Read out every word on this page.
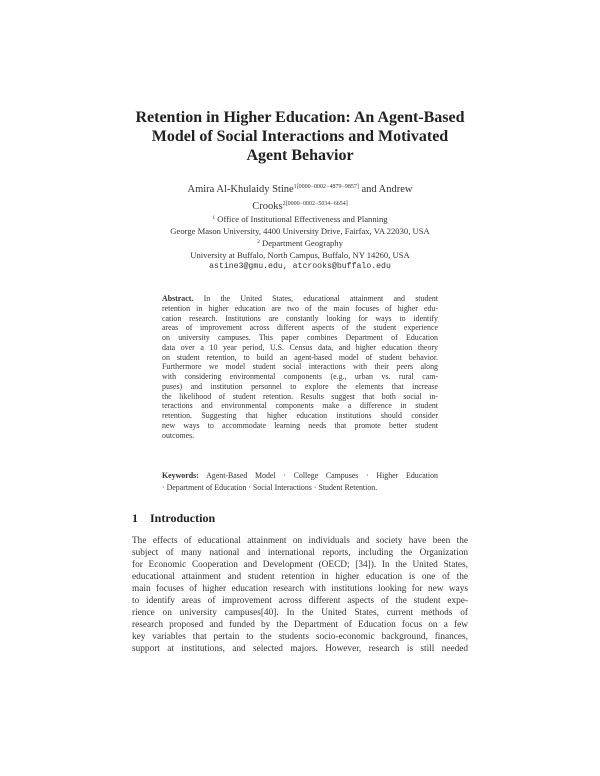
Retention in Higher Education: An Agent-Based
Model of Social Interactions and Motivated
Agent Behavior
Amira Al-Khulaidy Stine$^{1[0000-0002-4879-9857]}$ and Andrew
Crooks$^{2[0000-0002-5034-6654]}$
$^1$ Office of Institutional Effectiveness and Planning
George Mason University, 4400 University Drive, Fairfax, VA 22030, USA
$^2$ Department Geography
University at Buffalo, North Campus, Buffalo, NY 14260, USA
astine3@gmu.edu, atcrooks@buffalo.edu
Abstract. In the United States, educational attainment and student
retention in higher education are two of the main focuses of higher edu-
cation research. Institutions are constantly looking for ways to identify
areas of improvement across different aspects of the student experience
on university campuses. This paper combines Department of Education
data over a 10 year period, U.S. Census data, and higher education theory
on student retention, to build an agent-based model of student behavior.
Furthermore we model student social interactions with their peers along
with considering environmental components (e.g., urban vs. rural cam-
puses) and institution personnel to explore the elements that increase
the likelihood of student retention. Results suggest that both social in-
teractions and environmental components make a difference in student
retention. Suggesting that higher education institutions should consider
new ways to accommodate learning needs that promote better student
outcomes.
Keywords: Agent-Based Model · College Campuses · Higher Education
· Department of Education · Social Interactions · Student Retention.
1 Introduction
The effects of educational attainment on individuals and society have been the
subject of many national and international reports, including the Organization
for Economic Cooperation and Development (OECD; [34]). In the United States,
educational attainment and student retention in higher education is one of the
main focuses of higher education research with institutions looking for new ways
to identify areas of improvement across different aspects of the student expe-
rience on university campuses[40]. In the United States, current methods of
research proposed and funded by the Department of Education focus on a few
key variables that pertain to the students socio-economic background, finances,
support at institutions, and selected majors. However, research is still needed
